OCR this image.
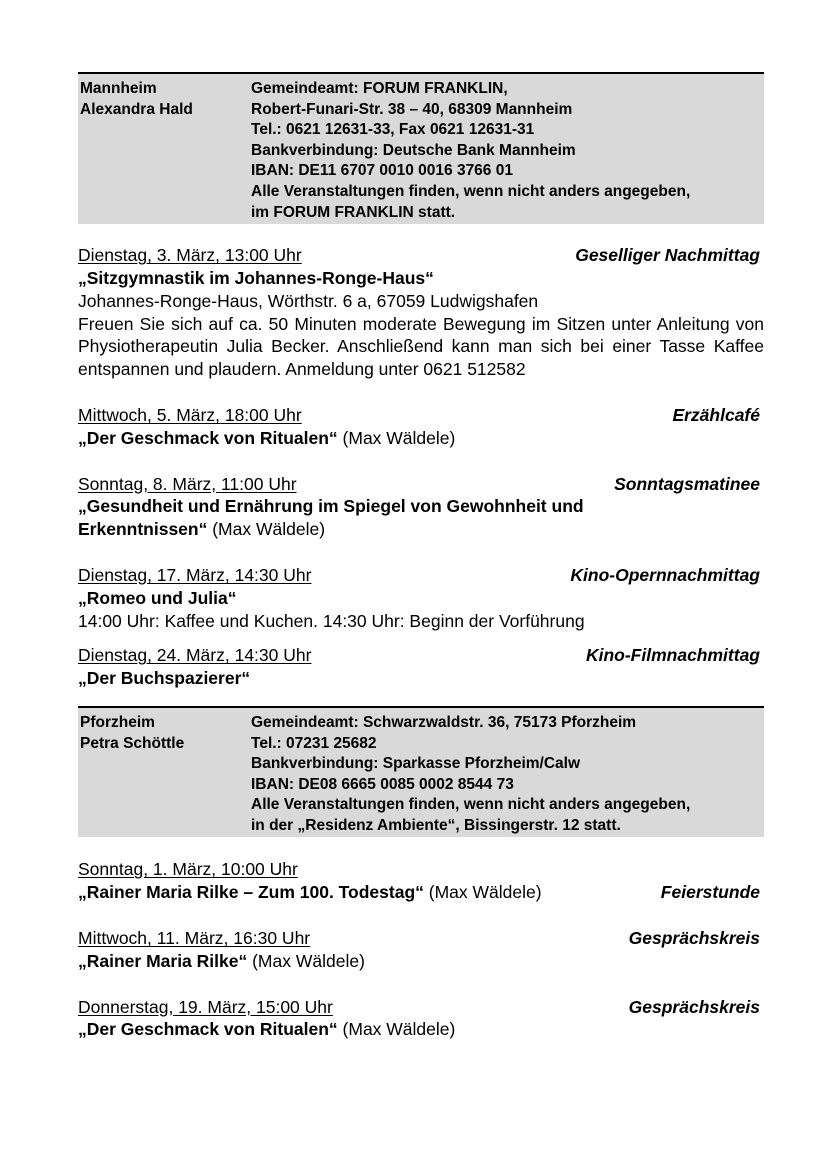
Mannheim	Gemeindeamt: FORUM FRANKLIN,
Alexandra Hald	Robert-Funari-Str. 38 – 40, 68309 Mannheim
Tel.: 0621 12631-33, Fax 0621 12631-31
Bankverbindung: Deutsche Bank Mannheim
IBAN: DE11 6707 0010 0016 3766 01
Alle Veranstaltungen finden, wenn nicht anders angegeben,
im FORUM FRANKLIN statt.
Dienstag, 3. März, 13:00 Uhr	Geselliger Nachmittag
„Sitzgymnastik im Johannes-Ronge-Haus“
Johannes-Ronge-Haus, Wörthstr. 6 a, 67059 Ludwigshafen
Freuen Sie sich auf ca. 50 Minuten moderate Bewegung im Sitzen unter Anleitung von Physiotherapeutin Julia Becker. Anschließend kann man sich bei einer Tasse Kaffee entspannen und plaudern. Anmeldung unter 0621 512582
Mittwoch, 5. März, 18:00 Uhr	Erzählcafé
„Der Geschmack von Ritualen“ (Max Wäldele)
Sonntag, 8. März, 11:00 Uhr	Sonntagsmatinee
„Gesundheit und Ernährung im Spiegel von Gewohnheit und
Erkenntnissen“ (Max Wäldele)
Dienstag, 17. März, 14:30 Uhr	Kino-Opernnachmittag
„Romeo und Julia“
14:00 Uhr: Kaffee und Kuchen. 14:30 Uhr: Beginn der Vorführung
Dienstag, 24. März, 14:30 Uhr	Kino-Filmnachmittag
„Der Buchspazierer“
Pforzheim	Gemeindeamt: Schwarzwaldstr. 36, 75173 Pforzheim
Petra Schöttle	Tel.: 07231 25682
Bankverbindung: Sparkasse Pforzheim/Calw
IBAN: DE08 6665 0085 0002 8544 73
Alle Veranstaltungen finden, wenn nicht anders angegeben,
in der „Residenz Ambiente“, Bissingerstr. 12 statt.
Sonntag, 1. März, 10:00 Uhr
„Rainer Maria Rilke – Zum 100. Todestag“ (Max Wäldele)	Feierstunde
Mittwoch, 11. März, 16:30 Uhr	Gesprächskreis
„Rainer Maria Rilke“ (Max Wäldele)
Donnerstag, 19. März, 15:00 Uhr	Gesprächskreis
„Der Geschmack von Ritualen“ (Max Wäldele)
